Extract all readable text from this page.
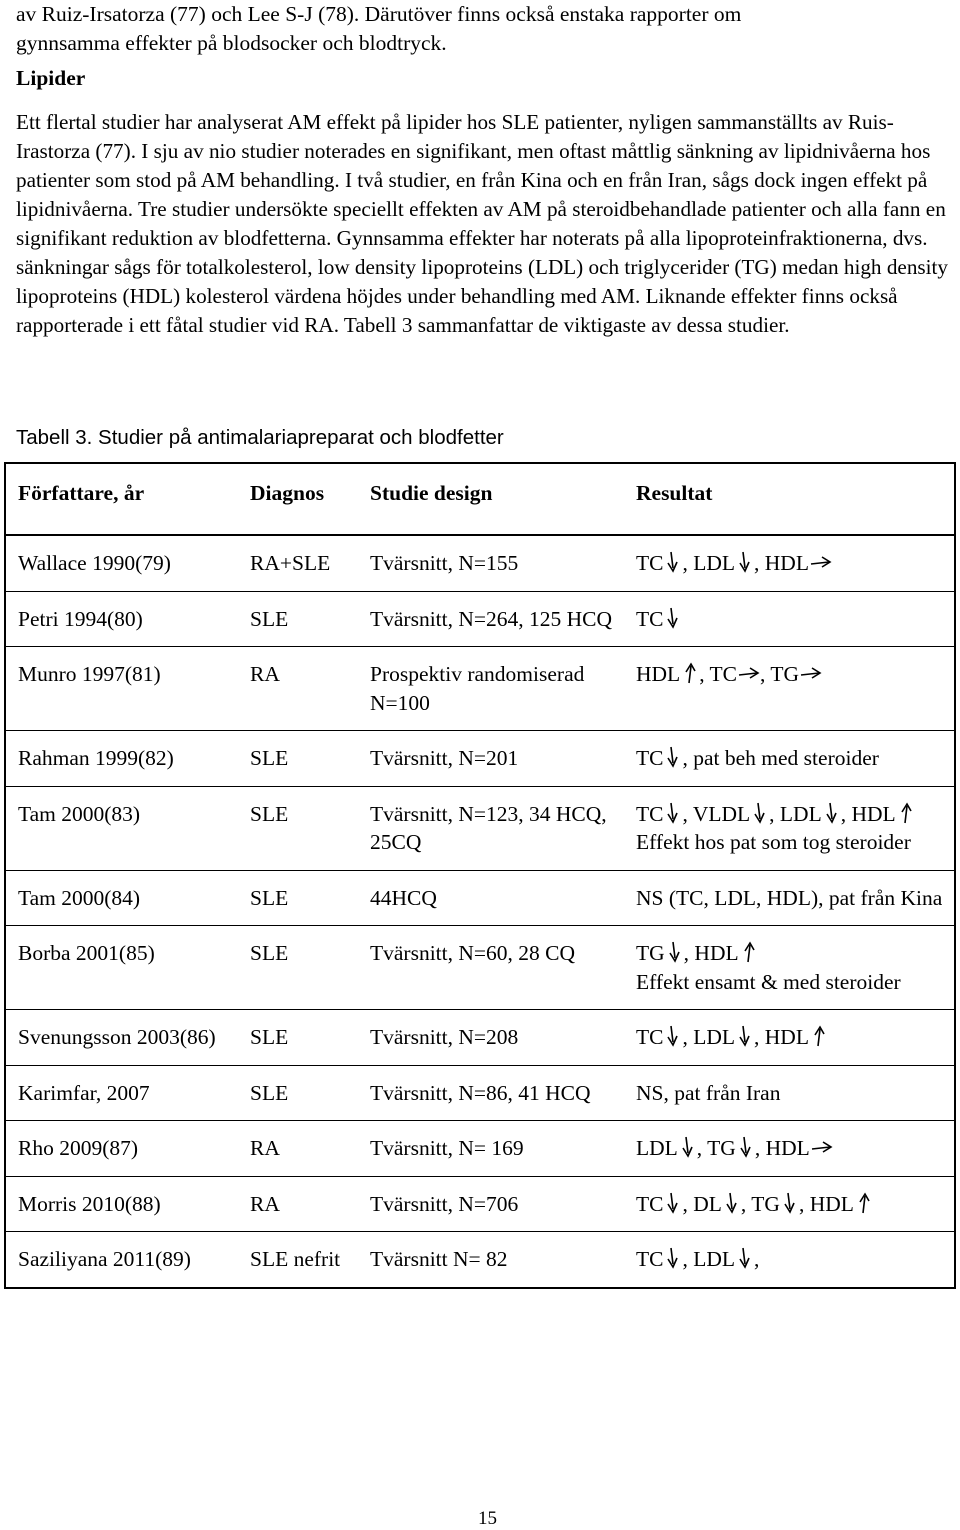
av Ruiz-Irsatorza (77) och Lee S-J (78). Därutöver finns också enstaka rapporter om

gynnsamma effekter på blodsocker och blodtryck.

Lipider

Ett flertal studier har analyserat AM effekt på lipider hos SLE patienter, nyligen sammanställts av Ruis-Irastorza (77). I sju av nio studier noterades en signifikant, men oftast måttlig sänkning av lipidnivåerna hos patienter som stod på AM behandling. I två studier, en från Kina och en från Iran, sågs dock ingen effekt på lipidnivåerna. Tre studier undersökte speciellt effekten av AM på steroidbehandlade patienter och alla fann en signifikant reduktion av blodfetterna. Gynnsamma effekter har noterats på alla lipoproteinfraktionerna, dvs. sänkningar sågs för totalkolesterol, low density lipoproteins (LDL) och triglycerider (TG) medan high density lipoproteins (HDL) kolesterol värdena höjdes under behandling med AM. Liknande effekter finns också rapporterade i ett fåtal studier vid RA. Tabell 3 sammanfattar de viktigaste av dessa studier.

Tabell 3. Studier på antimalariapreparat och blodfetter
Författare, år	Diagnos	Studie design	Resultat
Wallace 1990(79)	RA+SLE	Tvärsnitt, N=155	TC , LDL , HDL

Petri 1994(80)	SLE	Tvärsnitt, N=264, 125 HCQ	TC

Munro 1997(81)	RA	Prospektiv randomiserad N=100	HDL , TC , TG

Rahman 1999(82)	SLE	Tvärsnitt, N=201	TC , pat beh med steroider

Tam 2000(83)	SLE	Tvärsnitt, N=123, 34 HCQ, 25CQ	TC , VLDL , LDL , HDL
Effekt hos pat som tog steroider

Tam 2000(84)	SLE	44HCQ	NS (TC, LDL, HDL), pat från Kina

Borba 2001(85)	SLE	Tvärsnitt, N=60, 28 CQ	TG , HDL
Effekt ensamt & med steroider

Svenungsson 2003(86)	SLE	Tvärsnitt, N=208	TC , LDL , HDL

Karimfar, 2007	SLE	Tvärsnitt, N=86, 41 HCQ	NS, pat från Iran

Rho 2009(87)	RA	Tvärsnitt, N= 169	LDL , TG , HDL

Morris 2010(88)	RA	Tvärsnitt, N=706	TC , DL , TG , HDL

Saziliyana 2011(89)	SLE nefrit	Tvärsnitt N= 82	TC , LDL ,
15
